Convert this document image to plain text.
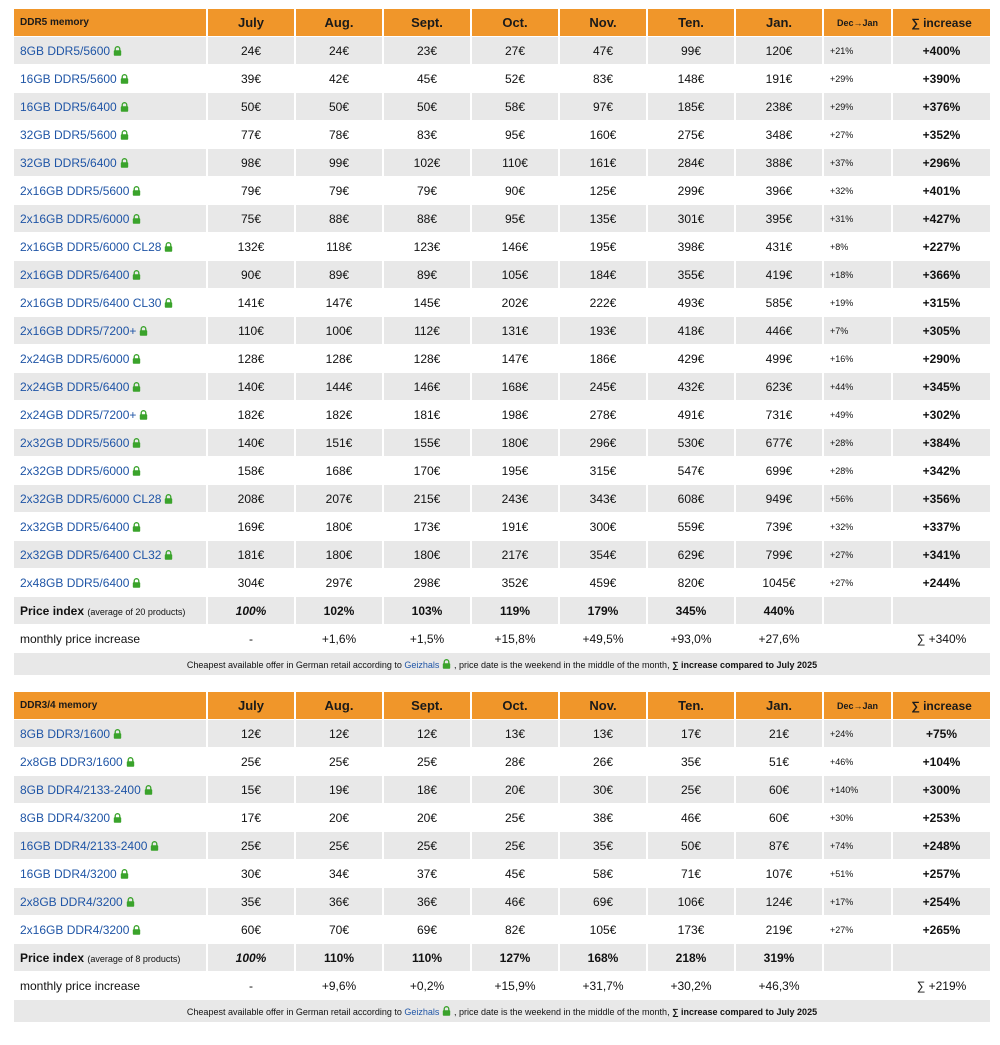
DDR5 memory	July	Aug.	Sept.	Oct.	Nov.	Ten.	Jan.	Dec→Jan	∑ increase
8GB DDR5/5600	24€	24€	23€	27€	47€	99€	120€	+21%	+400%
16GB DDR5/5600	39€	42€	45€	52€	83€	148€	191€	+29%	+390%
16GB DDR5/6400	50€	50€	50€	58€	97€	185€	238€	+29%	+376%
32GB DDR5/5600	77€	78€	83€	95€	160€	275€	348€	+27%	+352%
32GB DDR5/6400	98€	99€	102€	110€	161€	284€	388€	+37%	+296%
2x16GB DDR5/5600	79€	79€	79€	90€	125€	299€	396€	+32%	+401%
2x16GB DDR5/6000	75€	88€	88€	95€	135€	301€	395€	+31%	+427%
2x16GB DDR5/6000 CL28	132€	118€	123€	146€	195€	398€	431€	+8%	+227%
2x16GB DDR5/6400	90€	89€	89€	105€	184€	355€	419€	+18%	+366%
2x16GB DDR5/6400 CL30	141€	147€	145€	202€	222€	493€	585€	+19%	+315%
2x16GB DDR5/7200+	110€	100€	112€	131€	193€	418€	446€	+7%	+305%
2x24GB DDR5/6000	128€	128€	128€	147€	186€	429€	499€	+16%	+290%
2x24GB DDR5/6400	140€	144€	146€	168€	245€	432€	623€	+44%	+345%
2x24GB DDR5/7200+	182€	182€	181€	198€	278€	491€	731€	+49%	+302%
2x32GB DDR5/5600	140€	151€	155€	180€	296€	530€	677€	+28%	+384%
2x32GB DDR5/6000	158€	168€	170€	195€	315€	547€	699€	+28%	+342%
2x32GB DDR5/6000 CL28	208€	207€	215€	243€	343€	608€	949€	+56%	+356%
2x32GB DDR5/6400	169€	180€	173€	191€	300€	559€	739€	+32%	+337%
2x32GB DDR5/6400 CL32	181€	180€	180€	217€	354€	629€	799€	+27%	+341%
2x48GB DDR5/6400	304€	297€	298€	352€	459€	820€	1045€	+27%	+244%
Price index (average of 20 products)	100%	102%	103%	119%	179%	345%	440%		
monthly price increase	-	+1,6%	+1,5%	+15,8%	+49,5%	+93,0%	+27,6%		∑ +340%
Cheapest available offer in German retail according to Geizhals , price date is the weekend in the middle of the month, ∑ increase compared to July 2025									
DDR3/4 memory	July	Aug.	Sept.	Oct.	Nov.	Ten.	Jan.	Dec→Jan	∑ increase
8GB DDR3/1600	12€	12€	12€	13€	13€	17€	21€	+24%	+75%
2x8GB DDR3/1600	25€	25€	25€	28€	26€	35€	51€	+46%	+104%
8GB DDR4/2133-2400	15€	19€	18€	20€	30€	25€	60€	+140%	+300%
8GB DDR4/3200	17€	20€	20€	25€	38€	46€	60€	+30%	+253%
16GB DDR4/2133-2400	25€	25€	25€	25€	35€	50€	87€	+74%	+248%
16GB DDR4/3200	30€	34€	37€	45€	58€	71€	107€	+51%	+257%
2x8GB DDR4/3200	35€	36€	36€	46€	69€	106€	124€	+17%	+254%
2x16GB DDR4/3200	60€	70€	69€	82€	105€	173€	219€	+27%	+265%
Price index (average of 8 products)	100%	110%	110%	127%	168%	218%	319%		
monthly price increase	-	+9,6%	+0,2%	+15,9%	+31,7%	+30,2%	+46,3%		∑ +219%
Cheapest available offer in German retail according to Geizhals , price date is the weekend in the middle of the month, ∑ increase compared to July 2025									
